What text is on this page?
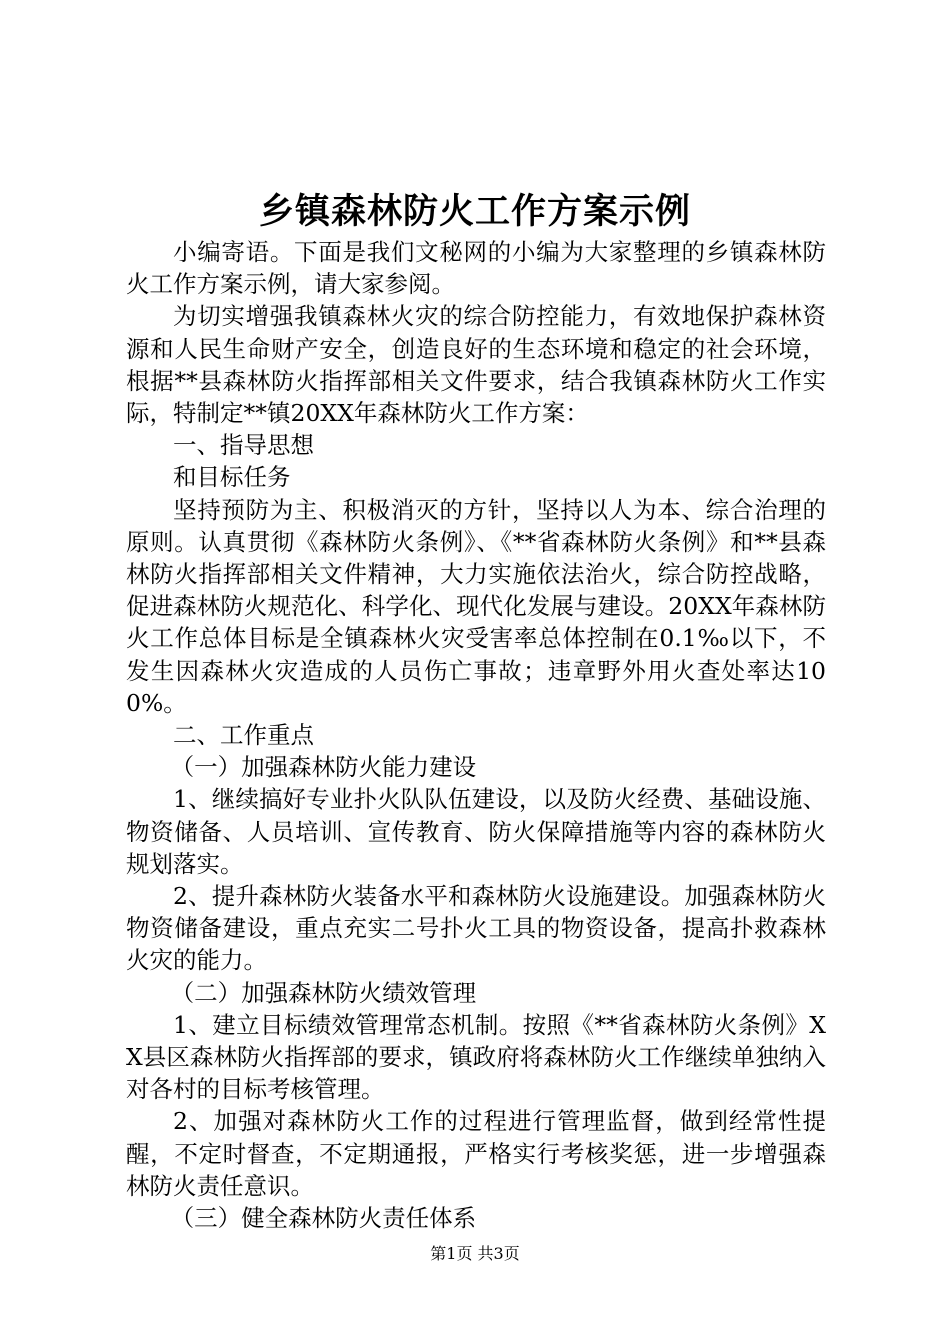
乡镇森林防火工作方案示例

小编寄语。下面是我们文秘网的小编为大家整理的乡镇森林防火工作方案示例，请大家参阅。

为切实增强我镇森林火灾的综合防控能力，有效地保护森林资源和人民生命财产安全，创造良好的生态环境和稳定的社会环境，根据**县森林防火指挥部相关文件要求，结合我镇森林防火工作实际，特制定**镇20XX年森林防火工作方案：

一、指导思想

和目标任务

坚持预防为主、积极消灭的方针，坚持以人为本、综合治理的原则。认真贯彻《森林防火条例》、《**省森林防火条例》和**县森林防火指挥部相关文件精神，大力实施依法治火，综合防控战略，促进森林防火规范化、科学化、现代化发展与建设。20XX年森林防火工作总体目标是全镇森林火灾受害率总体控制在0.1‰以下，不发生因森林火灾造成的人员伤亡事故；违章野外用火查处率达100%。

二、工作重点

（一）加强森林防火能力建设

1、继续搞好专业扑火队队伍建设，以及防火经费、基础设施、物资储备、人员培训、宣传教育、防火保障措施等内容的森林防火规划落实。

2、提升森林防火装备水平和森林防火设施建设。加强森林防火物资储备建设，重点充实二号扑火工具的物资设备，提高扑救森林火灾的能力。

（二）加强森林防火绩效管理

1、建立目标绩效管理常态机制。按照《**省森林防火条例》XX县区森林防火指挥部的要求，镇政府将森林防火工作继续单独纳入对各村的目标考核管理。

2、加强对森林防火工作的过程进行管理监督，做到经常性提醒，不定时督查，不定期通报，严格实行考核奖惩，进一步增强森林防火责任意识。

（三）健全森林防火责任体系

第1页 共3页
